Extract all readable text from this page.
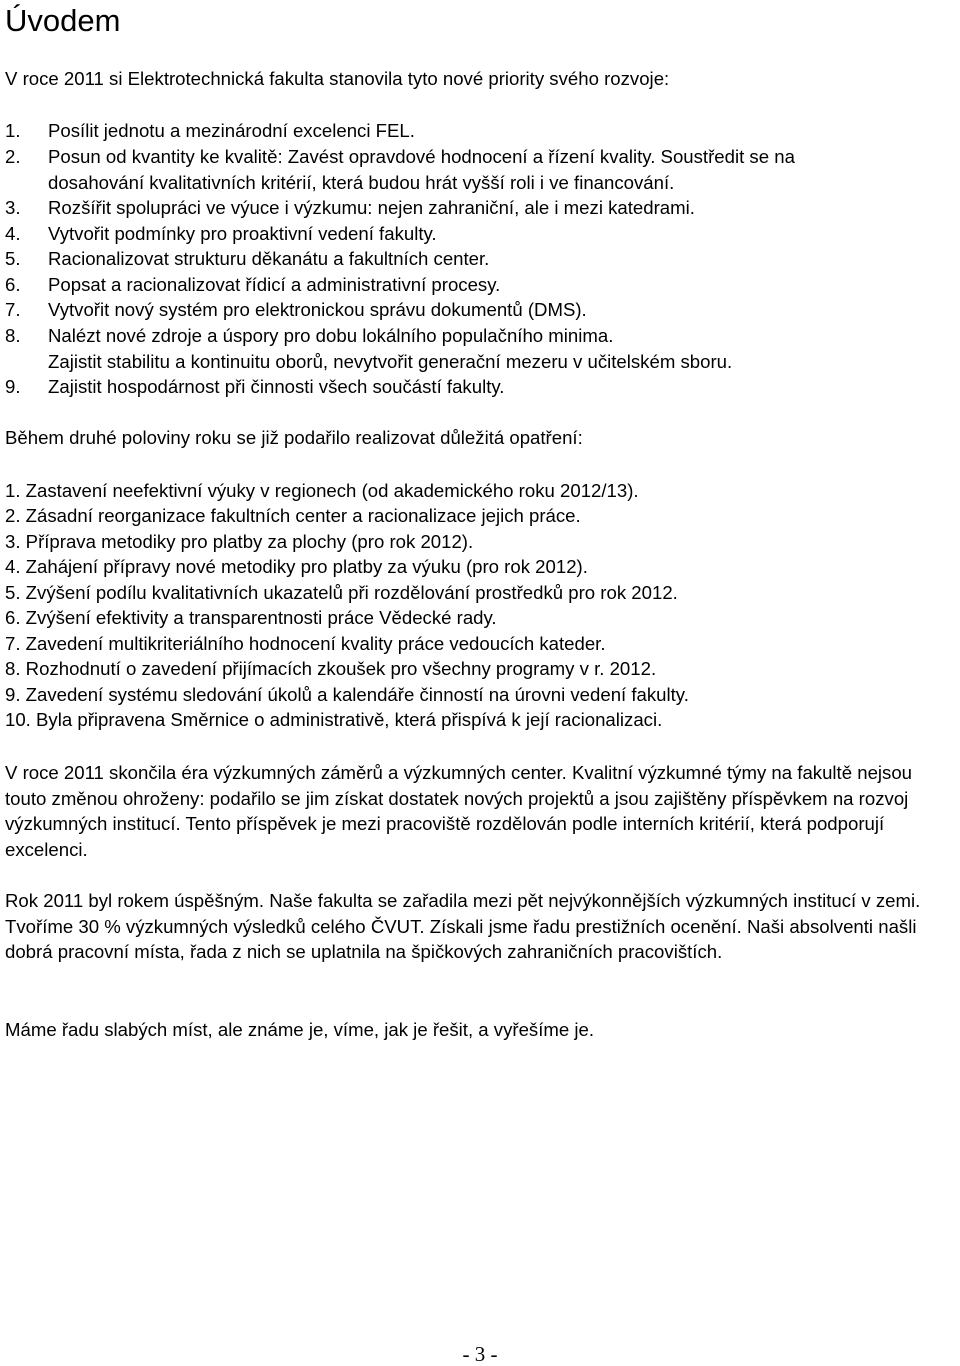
Úvodem

V roce 2011 si Elektrotechnická fakulta stanovila tyto nové priority svého rozvoje:

1. Posílit jednotu a mezinárodní excelenci FEL.
2. Posun od kvantity ke kvalitě: Zavést opravdové hodnocení a řízení kvality. Soustředit se na
dosahování kvalitativních kritérií, která budou hrát vyšší roli i ve financování.
3. Rozšířit spolupráci ve výuce i výzkumu: nejen zahraniční, ale i mezi katedrami.
4. Vytvořit podmínky pro proaktivní vedení fakulty.
5. Racionalizovat strukturu děkanátu a fakultních center.
6. Popsat a racionalizovat řídicí a administrativní procesy.
7. Vytvořit nový systém pro elektronickou správu dokumentů (DMS).
8. Nalézt nové zdroje a úspory pro dobu lokálního populačního minima.
Zajistit stabilitu a kontinuitu oborů, nevytvořit generační mezeru v učitelském sboru.
9. Zajistit hospodárnost při činnosti všech součástí fakulty.

Během druhé poloviny roku se již podařilo realizovat důležitá opatření:

1. Zastavení neefektivní výuky v regionech (od akademického roku 2012/13).
2. Zásadní reorganizace fakultních center a racionalizace jejich práce.
3. Příprava metodiky pro platby za plochy (pro rok 2012).
4. Zahájení přípravy nové metodiky pro platby za výuku (pro rok 2012).
5. Zvýšení podílu kvalitativních ukazatelů při rozdělování prostředků pro rok 2012.
6. Zvýšení efektivity a transparentnosti práce Vědecké rady.
7. Zavedení multikriteriálního hodnocení kvality práce vedoucích kateder.
8. Rozhodnutí o zavedení přijímacích zkoušek pro všechny programy v r. 2012.
9. Zavedení systému sledování úkolů a kalendáře činností na úrovni vedení fakulty.
10. Byla připravena Směrnice o administrativě, která přispívá k její racionalizaci.

V roce 2011 skončila éra výzkumných záměrů a výzkumných center. Kvalitní výzkumné týmy na fakultě nejsou touto změnou ohroženy: podařilo se jim získat dostatek nových projektů a jsou zajištěny příspěvkem na rozvoj výzkumných institucí. Tento příspěvek je mezi pracoviště rozdělován podle interních kritérií, která podporují excelenci.

Rok 2011 byl rokem úspěšným. Naše fakulta se zařadila mezi pět nejvýkonnějších výzkumných institucí v zemi. Tvoříme 30 % výzkumných výsledků celého ČVUT. Získali jsme řadu prestižních ocenění. Naši absolventi našli dobrá pracovní místa, řada z nich se uplatnila na špičkových zahraničních pracovištích.

Máme řadu slabých míst, ale známe je, víme, jak je řešit, a vyřešíme je.

- 3 -
